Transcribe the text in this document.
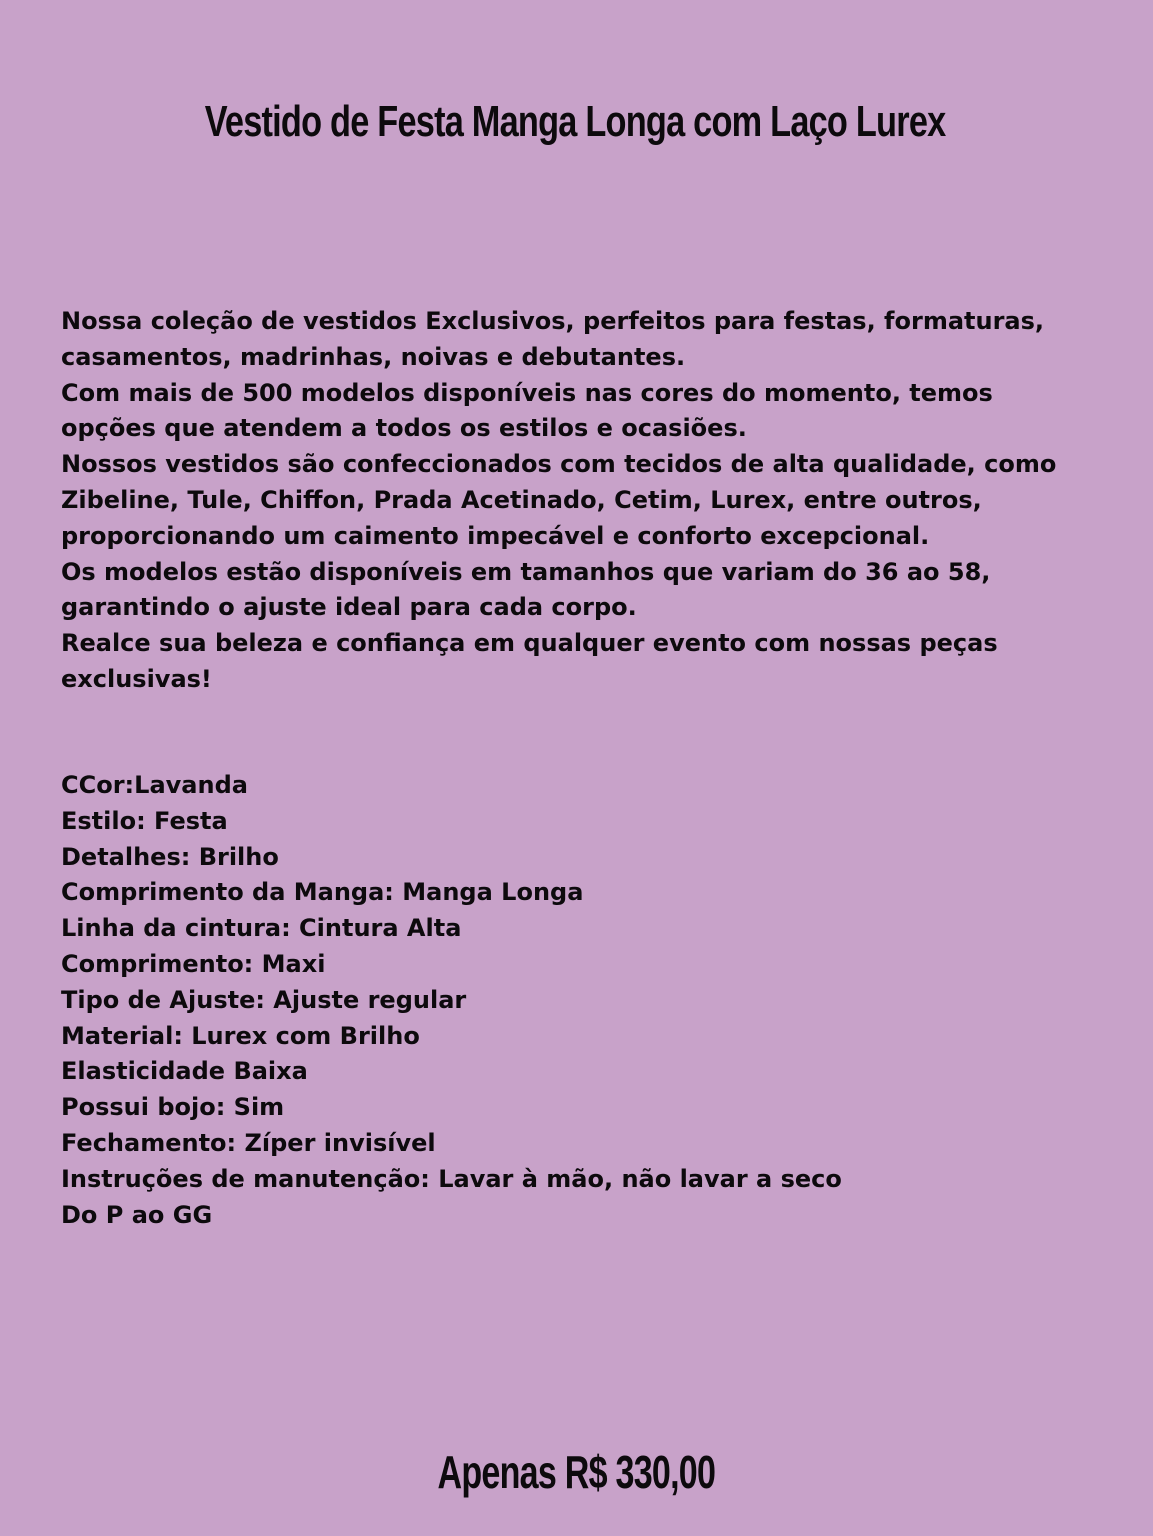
Vestido de Festa Manga Longa com Laço Lurex

Nossa coleção de vestidos Exclusivos, perfeitos para festas, formaturas, casamentos, madrinhas, noivas e debutantes.

Com mais de 500 modelos disponíveis nas cores do momento, temos opções que atendem a todos os estilos e ocasiões.

Nossos vestidos são confeccionados com tecidos de alta qualidade, como Zibeline, Tule, Chiffon, Prada Acetinado, Cetim, Lurex, entre outros, proporcionando um caimento impecável e conforto excepcional.

Os modelos estão disponíveis em tamanhos que variam do 36 ao 58, garantindo o ajuste ideal para cada corpo.

Realce sua beleza e confiança em qualquer evento com nossas peças exclusivas!

CCor:Lavanda
Estilo: Festa
Detalhes: Brilho
Comprimento da Manga: Manga Longa
Linha da cintura: Cintura Alta
Comprimento: Maxi
Tipo de Ajuste: Ajuste regular
Material: Lurex com Brilho
Elasticidade Baixa
Possui bojo: Sim
Fechamento: Zíper invisível
Instruções de manutenção: Lavar à mão, não lavar a seco
Do P ao GG
Apenas R$ 330,00
